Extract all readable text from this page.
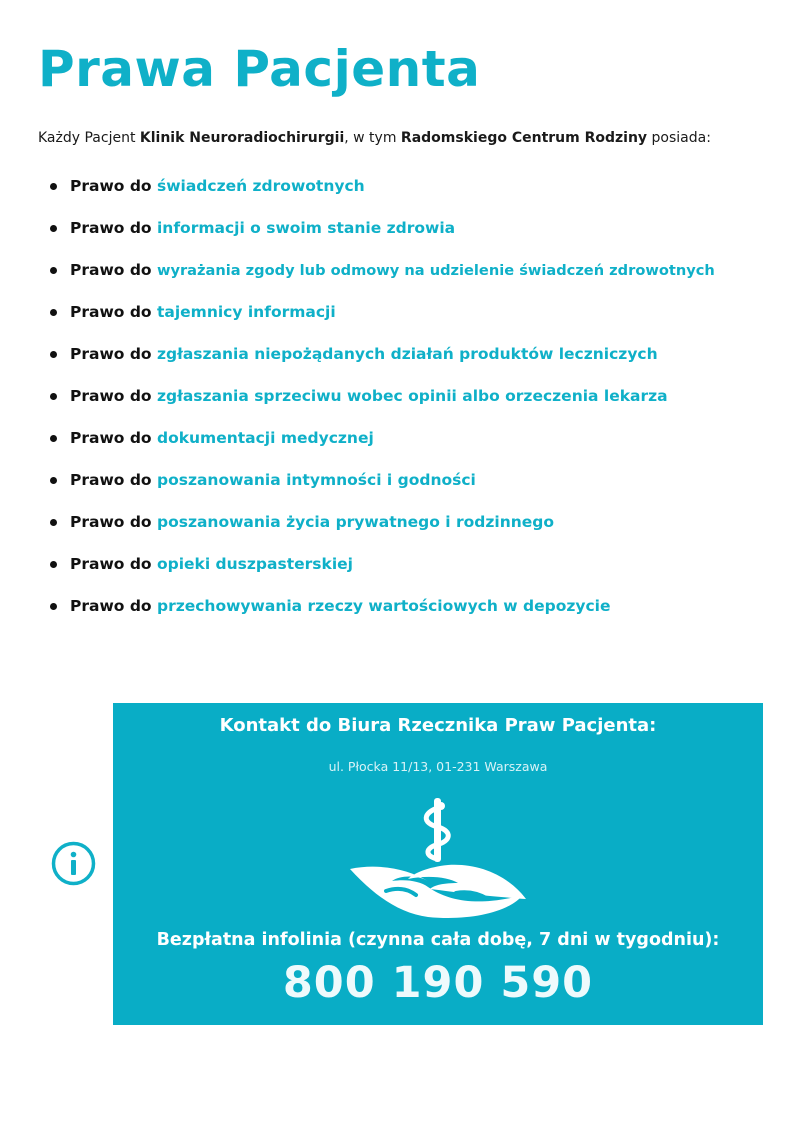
Prawa Pacjenta

Każdy Pacjent Klinik Neuroradiochirurgii, w tym Radomskiego Centrum Rodziny posiada:

Prawo do świadczeń zdrowotnych
Prawo do informacji o swoim stanie zdrowia
Prawo do wyrażania zgody lub odmowy na udzielenie świadczeń zdrowotnych
Prawo do tajemnicy informacji
Prawo do zgłaszania niepożądanych działań produktów leczniczych
Prawo do zgłaszania sprzeciwu wobec opinii albo orzeczenia lekarza
Prawo do dokumentacji medycznej
Prawo do poszanowania intymności i godności
Prawo do poszanowania życia prywatnego i rodzinnego
Prawo do opieki duszpasterskiej
Prawo do przechowywania rzeczy wartościowych w depozycie
Kontakt do Biura Rzecznika Praw Pacjenta:
ul. Płocka 11/13, 01-231 Warszawa
Bezpłatna infolinia (czynna cała dobę, 7 dni w tygodniu):
800 190 590
